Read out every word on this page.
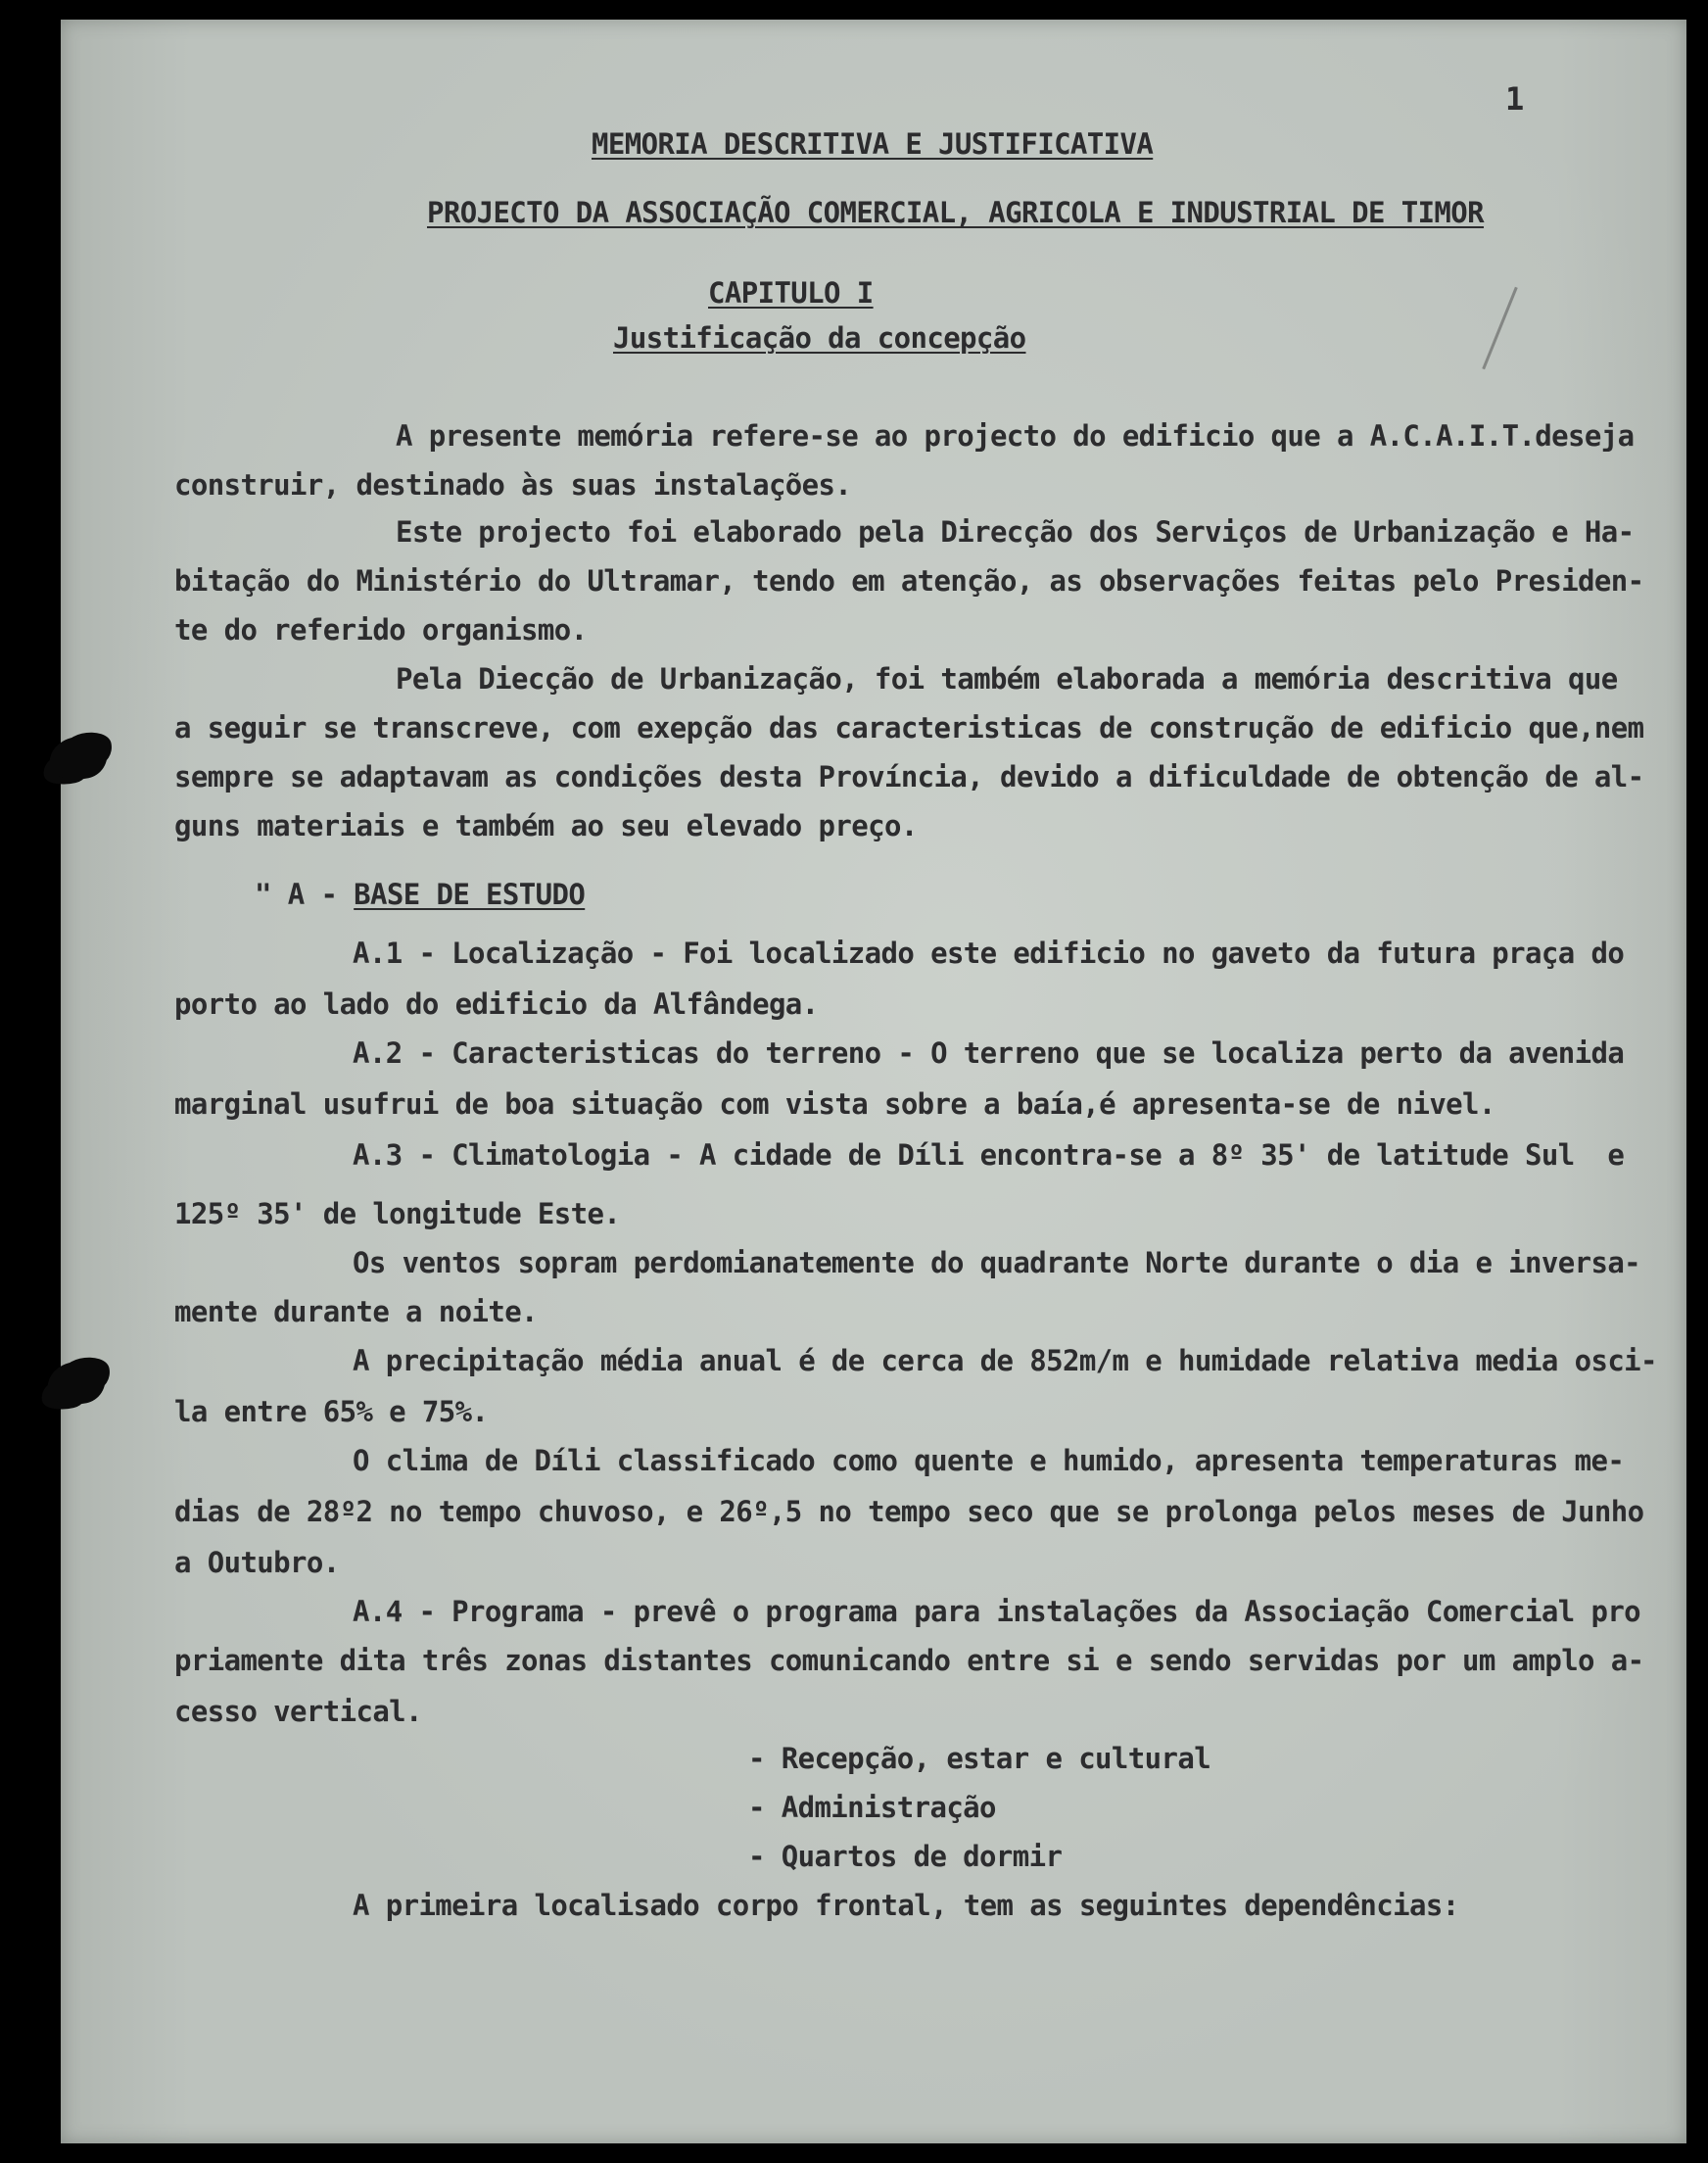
1
MEMORIA DESCRITIVA E JUSTIFICATIVA
PROJECTO DA ASSOCIAÇÃO COMERCIAL, AGRICOLA E INDUSTRIAL DE TIMOR
CAPITULO I
Justificação da concepção
A presente memória refere-se ao projecto do edificio que a A.C.A.I.T.deseja
construir, destinado às suas instalações.
Este projecto foi elaborado pela Direcção dos Serviços de Urbanização e Ha-
bitação do Ministério do Ultramar, tendo em atenção, as observações feitas pelo Presiden-
te do referido organismo.
Pela Diecção de Urbanização, foi também elaborada a memória descritiva que
a seguir se transcreve, com exepção das caracteristicas de construção de edificio que,nem
sempre se adaptavam as condições desta Província, devido a dificuldade de obtenção de al-
guns materiais e também ao seu elevado preço.
" A - BASE DE ESTUDO
A.1 - Localização - Foi localizado este edificio no gaveto da futura praça do
porto ao lado do edificio da Alfândega.
A.2 - Caracteristicas do terreno - O terreno que se localiza perto da avenida
marginal usufrui de boa situação com vista sobre a baía,é apresenta-se de nivel.
A.3 - Climatologia - A cidade de Díli encontra-se a 8º 35' de latitude Sul  e
125º 35' de longitude Este.
Os ventos sopram perdomianatemente do quadrante Norte durante o dia e inversa-
mente durante a noite.
A precipitação média anual é de cerca de 852m/m e humidade relativa media osci-
la entre 65% e 75%.
O clima de Díli classificado como quente e humido, apresenta temperaturas me-
dias de 28º2 no tempo chuvoso, e 26º,5 no tempo seco que se prolonga pelos meses de Junho
a Outubro.
A.4 - Programa - prevê o programa para instalações da Associação Comercial pro
priamente dita três zonas distantes comunicando entre si e sendo servidas por um amplo a-
cesso vertical.
- Recepção, estar e cultural
- Administração
- Quartos de dormir
A primeira localisado corpo frontal, tem as seguintes dependências:
